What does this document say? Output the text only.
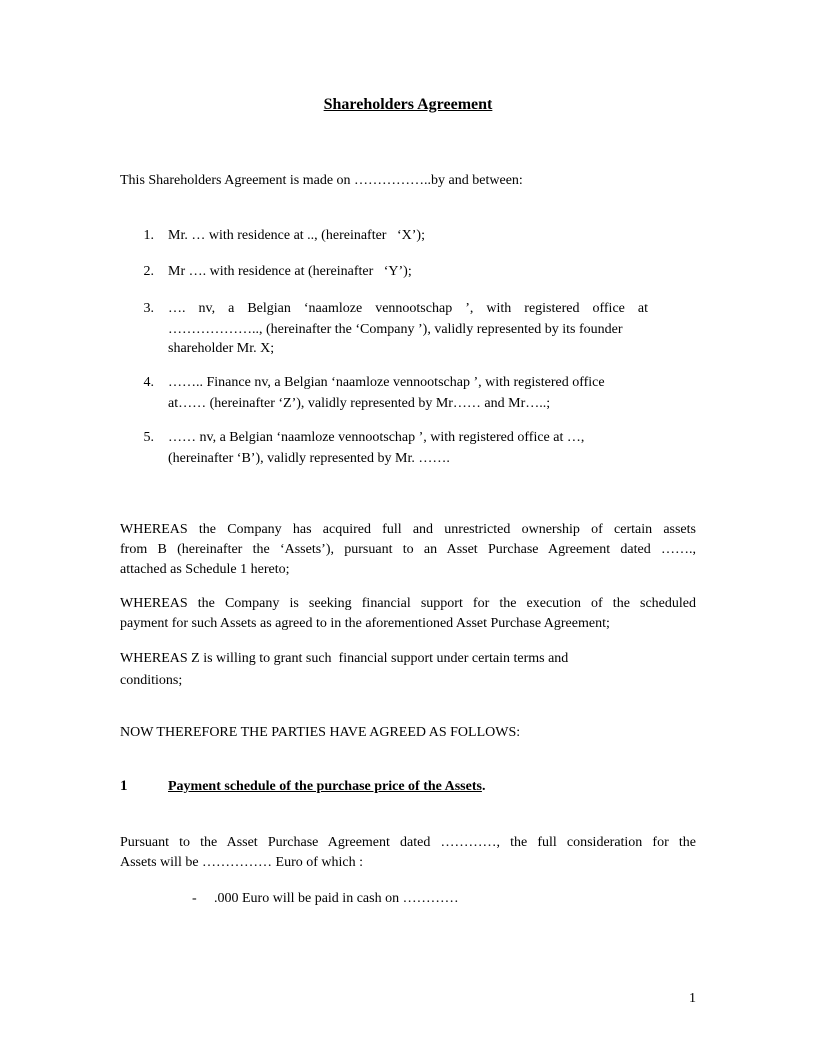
Shareholders Agreement

This Shareholders Agreement is made on ……………..by and between:

1. Mr. … with residence at .., (hereinafter   ‘X’);
2. Mr …. with residence at (hereinafter   ‘Y’);
3. …. nv, a Belgian ‘naamloze vennootschap ’, with registered office at
……………….., (hereinafter the ‘Company ’), validly represented by its founder
shareholder Mr. X;
4. …….. Finance nv, a Belgian ‘naamloze vennootschap ’, with registered office
at…… (hereinafter ‘Z’), validly represented by Mr…… and Mr…..;
5. …… nv, a Belgian ‘naamloze vennootschap ’, with registered office at …,
(hereinafter ‘B’), validly represented by Mr. …….
WHEREAS the Company has acquired full and unrestricted ownership of certain assets
from B (hereinafter the ‘Assets’), pursuant to an Asset Purchase Agreement dated …….,
attached as Schedule 1 hereto;
WHEREAS the Company is seeking financial support for the execution of the scheduled
payment for such Assets as agreed to in the aforementioned Asset Purchase Agreement;
WHEREAS Z is willing to grant such  financial support under certain terms and
conditions;

NOW THEREFORE THE PARTIES HAVE AGREED AS FOLLOWS:

1	Payment schedule of the purchase price of the Assets.
Pursuant to the Asset Purchase Agreement dated …………, the full consideration for the
Assets will be …………… Euro of which :
- .000 Euro will be paid in cash on …………
1
